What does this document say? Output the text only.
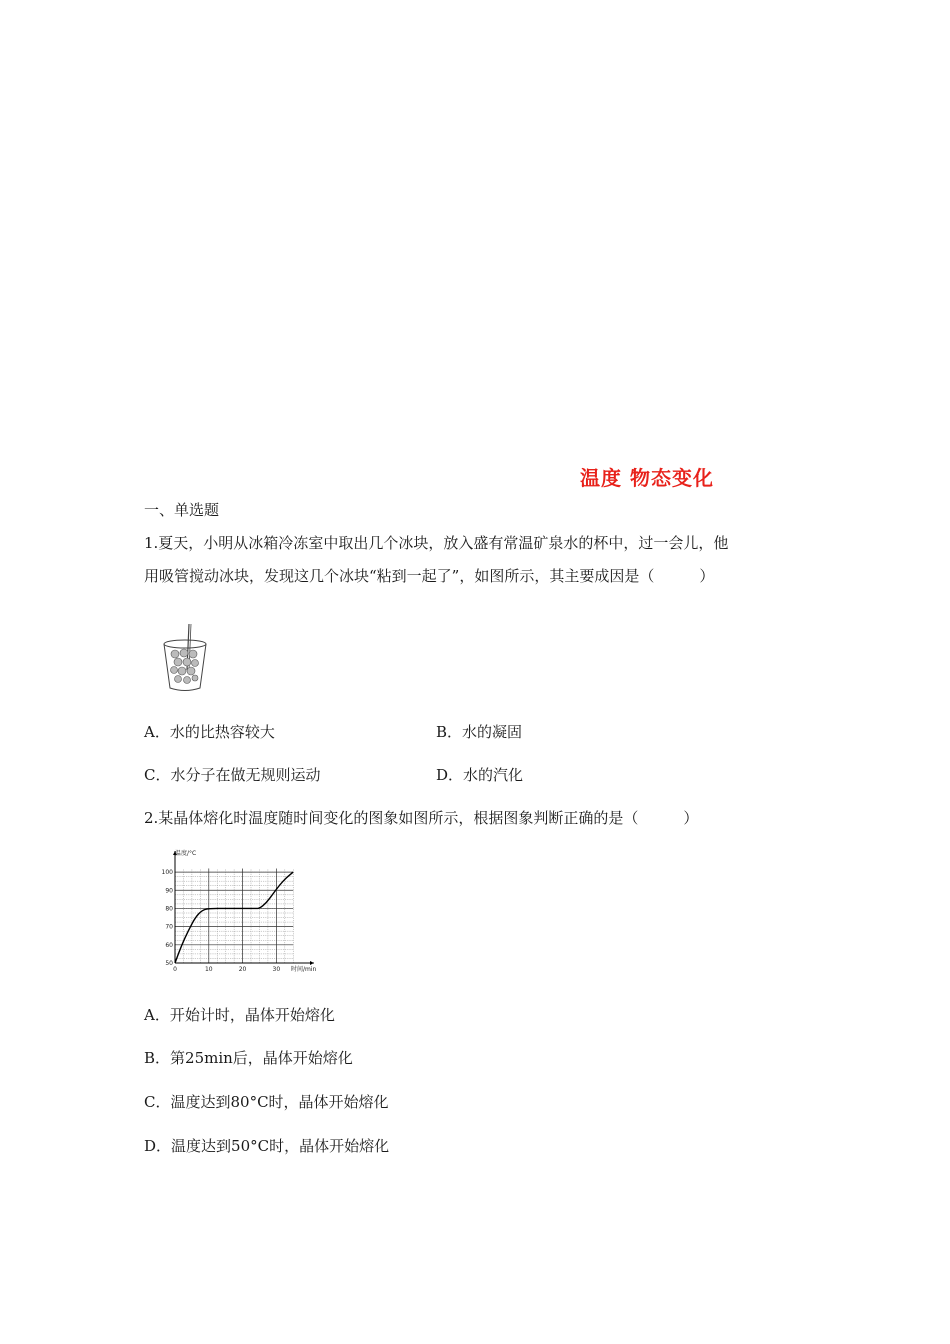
温度 物态变化
一、单选题
1.夏天，小明从冰箱冷冻室中取出几个冰块，放入盛有常温矿泉水的杯中，过一会儿，他
用吸管搅动冰块，发现这几个冰块“粘到一起了”，如图所示，其主要成因是（　　　）
A．水的比热容较大	B．水的凝固
C．水分子在做无规则运动	D．水的汽化
2.某晶体熔化时温度随时间变化的图象如图所示，根据图象判断正确的是（　　　）
0	10	20	30
50
60
70
80
90
100
温度/°C
时间/min
A．开始计时，晶体开始熔化
B．第25min后，晶体开始熔化
C．温度达到80°C时，晶体开始熔化
D．温度达到50°C时，晶体开始熔化
